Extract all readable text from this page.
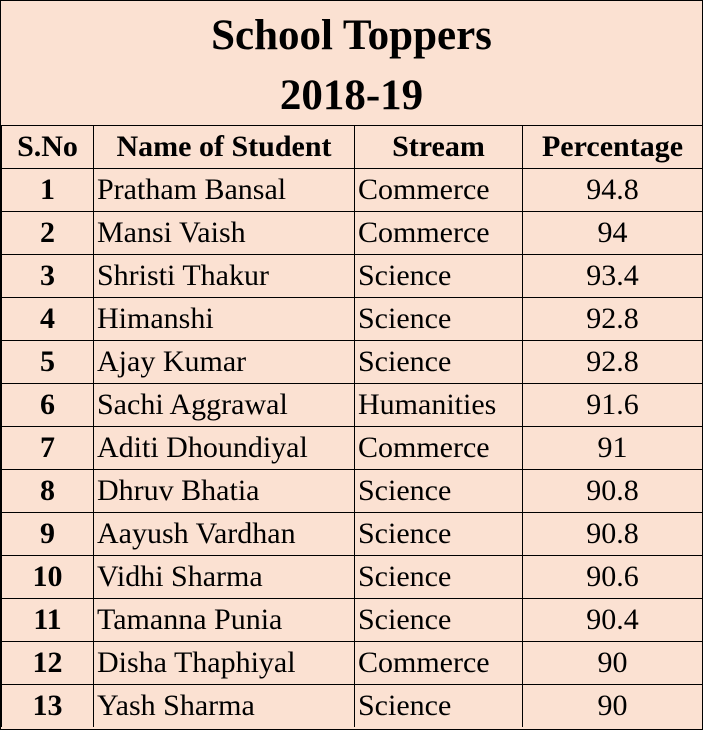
School Toppers
2018-19
S.No	Name of Student	Stream	Percentage
1	Pratham Bansal	Commerce	94.8
2	Mansi Vaish	Commerce	94
3	Shristi Thakur	Science	93.4
4	Himanshi	Science	92.8
5	Ajay Kumar	Science	92.8
6	Sachi Aggrawal	Humanities	91.6
7	Aditi Dhoundiyal	Commerce	91
8	Dhruv Bhatia	Science	90.8
9	Aayush Vardhan	Science	90.8
10	Vidhi Sharma	Science	90.6
11	Tamanna Punia	Science	90.4
12	Disha Thaphiyal	Commerce	90
13	Yash Sharma	Science	90
